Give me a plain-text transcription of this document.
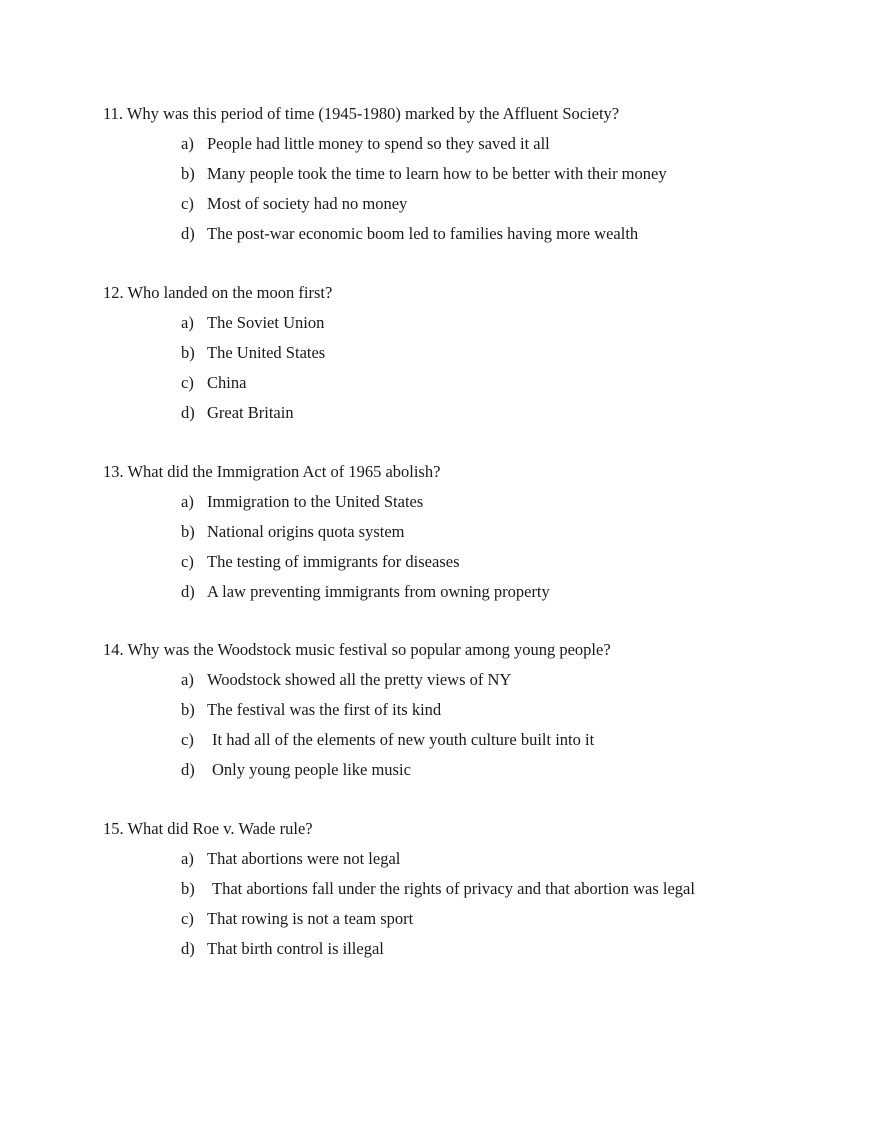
11. Why was this period of time (1945-1980) marked by the Affluent Society?
a) People had little money to spend so they saved it all
b) Many people took the time to learn how to be better with their money
c) Most of society had no money
d) The post-war economic boom led to families having more wealth
12. Who landed on the moon first?
a) The Soviet Union
b) The United States
c) China
d) Great Britain
13. What did the Immigration Act of 1965 abolish?
a) Immigration to the United States
b) National origins quota system
c) The testing of immigrants for diseases
d) A law preventing immigrants from owning property
14. Why was the Woodstock music festival so popular among young people?
a) Woodstock showed all the pretty views of NY
b) The festival was the first of its kind
c)	It had all of the elements of new youth culture built into it
d)	Only young people like music
15. What did Roe v. Wade rule?
a) That abortions were not legal
b)	That abortions fall under the rights of privacy and that abortion was legal
c) That rowing is not a team sport
d) That birth control is illegal
